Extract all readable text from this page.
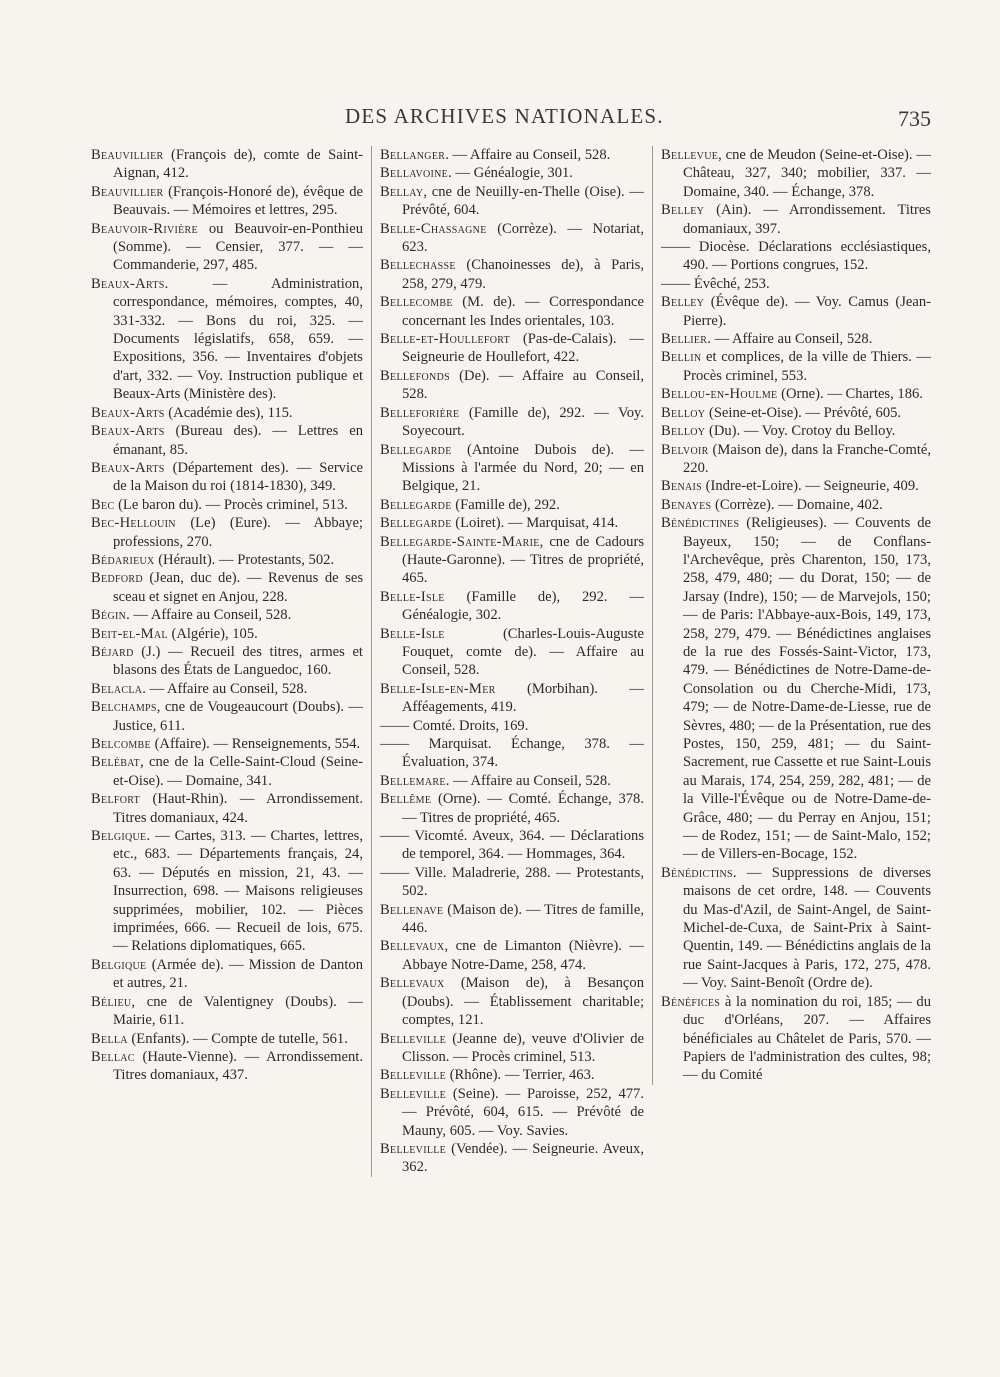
DES ARCHIVES NATIONALES.	735
Beauvillier (François de), comte de Saint-Aignan, 412.
Beauvillier (François-Honoré de), évêque de Beauvais. — Mémoires et lettres, 295.
Beauvoir-Rivière ou Beauvoir-en-Ponthieu (Somme). — Censier, 377. — — Commanderie, 297, 485.
Beaux-Arts. — Administration, correspondance, mémoires, comptes, 40, 331-332. — Bons du roi, 325. — Documents législatifs, 658, 659. — Expositions, 356. — Inventaires d'objets d'art, 332. — Voy. Instruction publique et Beaux-Arts (Ministère des).
Beaux-Arts (Académie des), 115.
Beaux-Arts (Bureau des). — Lettres en émanant, 85.
Beaux-Arts (Département des). — Service de la Maison du roi (1814-1830), 349.
Bec (Le baron du). — Procès criminel, 513.
Bec-Hellouin (Le) (Eure). — Abbaye; professions, 270.
Bédarieux (Hérault). — Protestants, 502.
Bedford (Jean, duc de). — Revenus de ses sceau et signet en Anjou, 228.
Bégin. — Affaire au Conseil, 528.
Beit-el-Mal (Algérie), 105.
Béjard (J.) — Recueil des titres, armes et blasons des États de Languedoc, 160.
Belacla. — Affaire au Conseil, 528.
Belchamps, cne de Vougeaucourt (Doubs). — Justice, 611.
Belcombe (Affaire). — Renseignements, 554.
Belébat, cne de la Celle-Saint-Cloud (Seine-et-Oise). — Domaine, 341.
Belfort (Haut-Rhin). — Arrondissement. Titres domaniaux, 424.
Belgique. — Cartes, 313. — Chartes, lettres, etc., 683. — Départements français, 24, 63. — Députés en mission, 21, 43. — Insurrection, 698. — Maisons religieuses supprimées, mobilier, 102. — Pièces imprimées, 666. — Recueil de lois, 675. — Relations diplomatiques, 665.
Belgique (Armée de). — Mission de Danton et autres, 21.
Bélieu, cne de Valentigney (Doubs). — Mairie, 611.
Bella (Enfants). — Compte de tutelle, 561.
Bellac (Haute-Vienne). — Arrondissement. Titres domaniaux, 437.
Bellanger. — Affaire au Conseil, 528.
Bellavoine. — Généalogie, 301.
Bellay, cne de Neuilly-en-Thelle (Oise). — Prévôté, 604.
Belle-Chassagne (Corrèze). — Notariat, 623.
Bellechasse (Chanoinesses de), à Paris, 258, 279, 479.
Bellecombe (M. de). — Correspondance concernant les Indes orientales, 103.
Belle-et-Houllefort (Pas-de-Calais). — Seigneurie de Houllefort, 422.
Bellefonds (De). — Affaire au Conseil, 528.
Belleforière (Famille de), 292. — Voy. Soyecourt.
Bellegarde (Antoine Dubois de). — Missions à l'armée du Nord, 20; — en Belgique, 21.
Bellegarde (Famille de), 292.
Bellegarde (Loiret). — Marquisat, 414.
Bellegarde-Sainte-Marie, cne de Cadours (Haute-Garonne). — Titres de propriété, 465.
Belle-Isle (Famille de), 292. — Généalogie, 302.
Belle-Isle (Charles-Louis-Auguste Fouquet, comte de). — Affaire au Conseil, 528.
Belle-Isle-en-Mer (Morbihan). — Afféagements, 419.
—— Comté. Droits, 169.
—— Marquisat. Échange, 378. — Évaluation, 374.
Bellemare. — Affaire au Conseil, 528.
Bellême (Orne). — Comté. Échange, 378. — Titres de propriété, 465.
—— Vicomté. Aveux, 364. — Déclarations de temporel, 364. — Hommages, 364.
—— Ville. Maladrerie, 288. — Protestants, 502.
Bellenave (Maison de). — Titres de famille, 446.
Bellevaux, cne de Limanton (Nièvre). — Abbaye Notre-Dame, 258, 474.
Bellevaux (Maison de), à Besançon (Doubs). — Établissement charitable; comptes, 121.
Belleville (Jeanne de), veuve d'Olivier de Clisson. — Procès criminel, 513.
Belleville (Rhône). — Terrier, 463.
Belleville (Seine). — Paroisse, 252, 477. — Prévôté, 604, 615. — Prévôté de Mauny, 605. — Voy. Savies.
Belleville (Vendée). — Seigneurie. Aveux, 362.
Bellevue, cne de Meudon (Seine-et-Oise). — Château, 327, 340; mobilier, 337. — Domaine, 340. — Échange, 378.
Belley (Ain). — Arrondissement. Titres domaniaux, 397.
—— Diocèse. Déclarations ecclésiastiques, 490. — Portions congrues, 152.
—— Évêché, 253.
Belley (Évêque de). — Voy. Camus (Jean-Pierre).
Bellier. — Affaire au Conseil, 528.
Bellin et complices, de la ville de Thiers. — Procès criminel, 553.
Bellou-en-Houlme (Orne). — Chartes, 186.
Belloy (Seine-et-Oise). — Prévôté, 605.
Belloy (Du). — Voy. Crotoy du Belloy.
Belvoir (Maison de), dans la Franche-Comté, 220.
Benais (Indre-et-Loire). — Seigneurie, 409.
Benayes (Corrèze). — Domaine, 402.
Bénédictines (Religieuses). — Couvents de Bayeux, 150; — de Conflans-l'Archevêque, près Charenton, 150, 173, 258, 479, 480; — du Dorat, 150; — de Jarsay (Indre), 150; — de Marvejols, 150; — de Paris: l'Abbaye-aux-Bois, 149, 173, 258, 279, 479. — Bénédictines anglaises de la rue des Fossés-Saint-Victor, 173, 479. — Bénédictines de Notre-Dame-de-Consolation ou du Cherche-Midi, 173, 479; — de Notre-Dame-de-Liesse, rue de Sèvres, 480; — de la Présentation, rue des Postes, 150, 259, 481; — du Saint-Sacrement, rue Cassette et rue Saint-Louis au Marais, 174, 254, 259, 282, 481; — de la Ville-l'Évêque ou de Notre-Dame-de-Grâce, 480; — du Perray en Anjou, 151; — de Rodez, 151; — de Saint-Malo, 152; — de Villers-en-Bocage, 152.
Bénédictins. — Suppressions de diverses maisons de cet ordre, 148. — Couvents du Mas-d'Azil, de Saint-Angel, de Saint-Michel-de-Cuxa, de Saint-Prix à Saint-Quentin, 149. — Bénédictins anglais de la rue Saint-Jacques à Paris, 172, 275, 478. — Voy. Saint-Benoît (Ordre de).
Bénéfices à la nomination du roi, 185; — du duc d'Orléans, 207. — Affaires bénéficiales au Châtelet de Paris, 570. — Papiers de l'administration des cultes, 98; — du Comité
